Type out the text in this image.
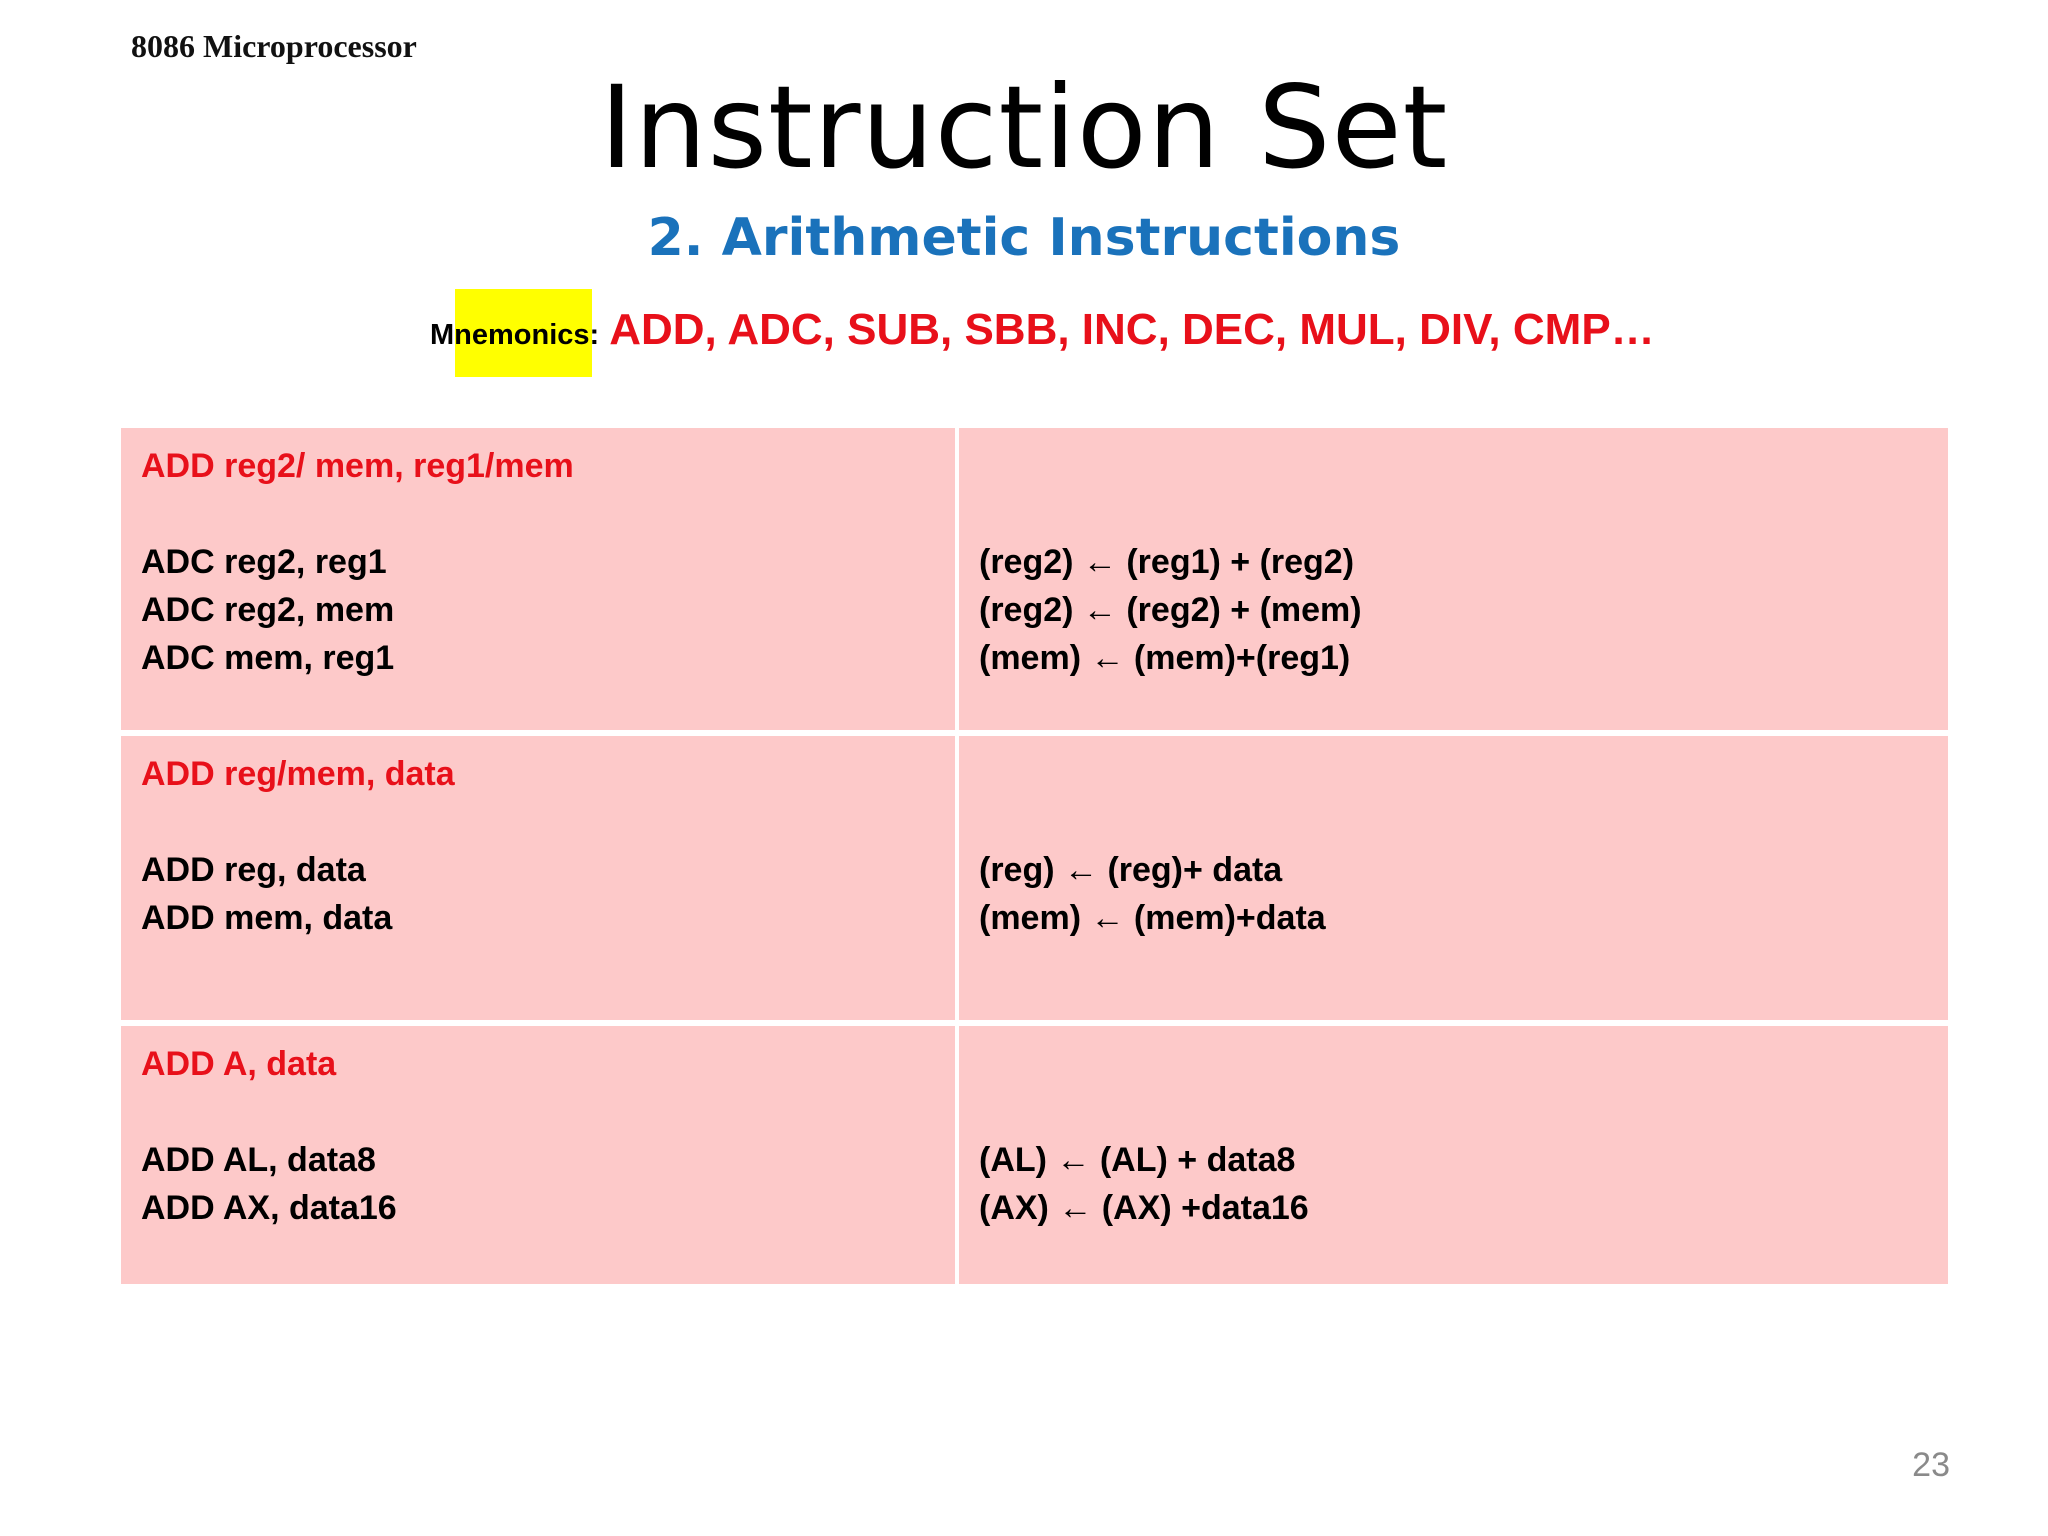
8086 Microprocessor
Instruction Set
2. Arithmetic Instructions
Mnemonics: ADD, ADC, SUB, SBB, INC, DEC, MUL, DIV, CMP…
ADD reg2/ mem, reg1/mem
ADC reg2, reg1
ADC reg2, mem
ADC mem, reg1
(reg2) ← (reg1) + (reg2)
(reg2) ← (reg2) + (mem)
(mem) ← (mem)+(reg1)
ADD reg/mem, data
ADD reg, data
ADD mem, data
(reg) ← (reg)+ data
(mem) ← (mem)+data
ADD A, data
ADD AL, data8
ADD AX, data16
(AL) ← (AL) + data8
(AX) ← (AX) +data16
23
